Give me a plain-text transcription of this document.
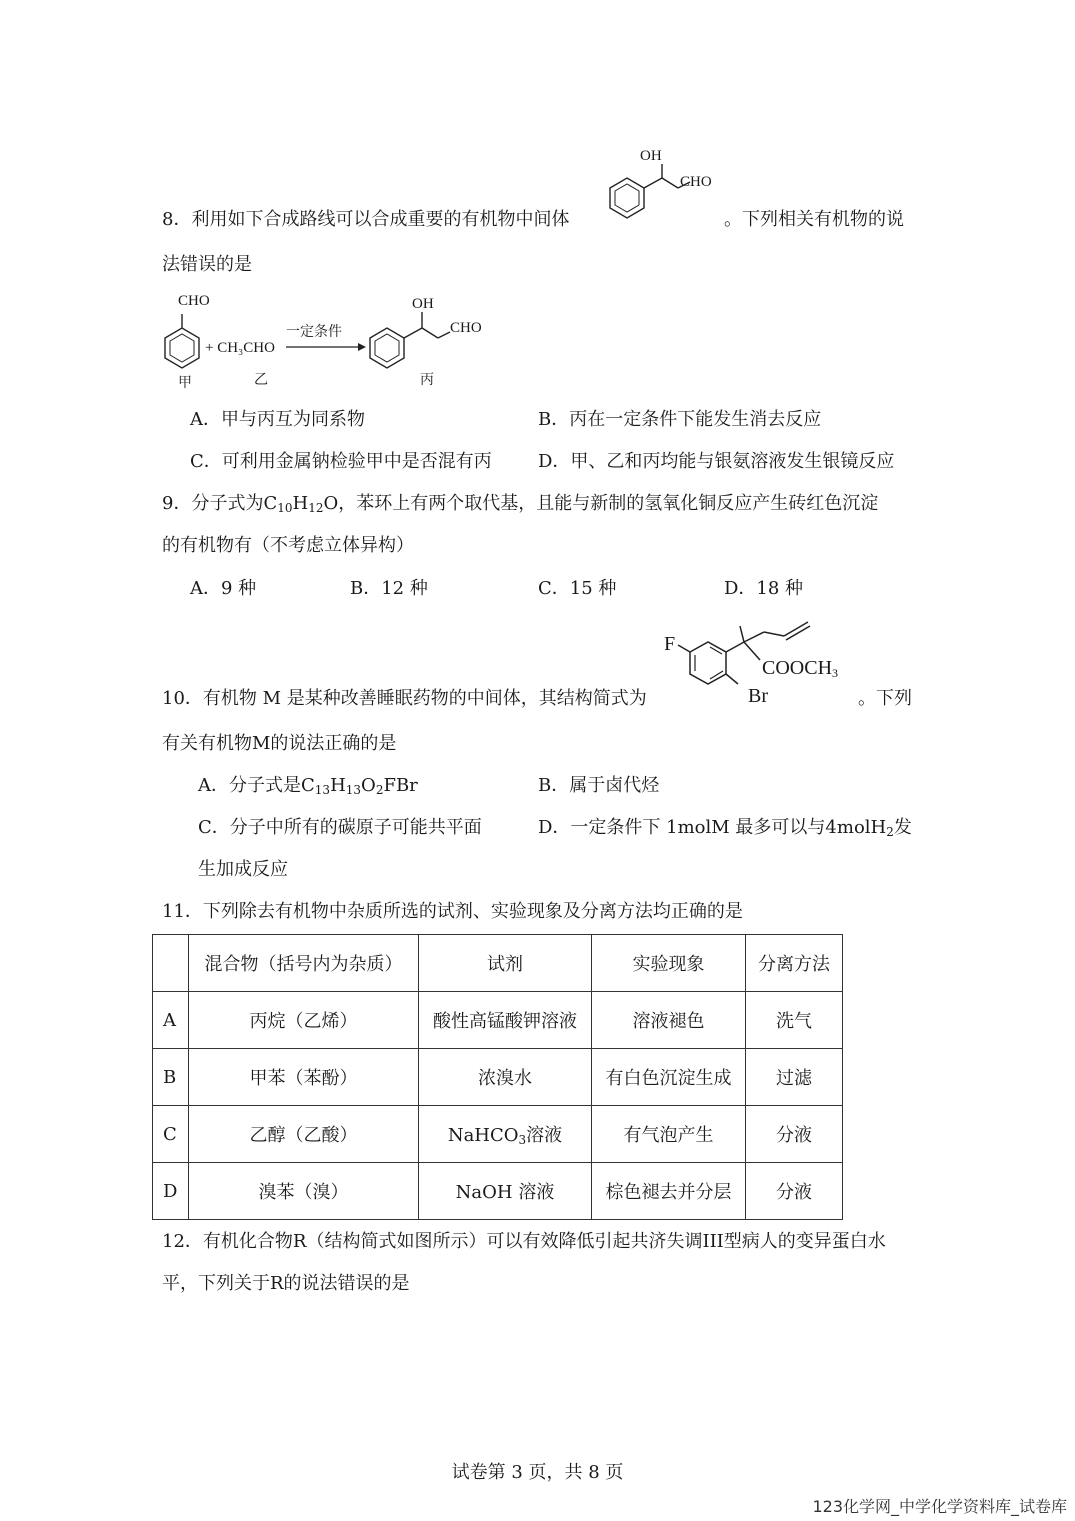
8．利用如下合成路线可以合成重要的有机物中间体	。下列相关有机物的说
OH
CHO
法错误的是
CHO
+ CH₃CHO
一定条件
OH
CHO
甲	乙	丙
A．甲与丙互为同系物	B．丙在一定条件下能发生消去反应
C．可利用金属钠检验甲中是否混有丙	D．甲、乙和丙均能与银氨溶液发生银镜反应
9．分子式为$C_{10}H_{12}O$，苯环上有两个取代基，且能与新制的氢氧化铜反应产生砖红色沉淀
的有机物有（不考虑立体异构）
A．9 种	B．12 种	C．15 种	D．18 种
F
$COOCH_3$
Br
10．有机物 M 是某种改善睡眠药物的中间体，其结构简式为	。下列
有关有机物M的说法正确的是
A．分子式是$C_{13}H_{13}O_2FBr$	B．属于卤代烃
C．分子中所有的碳原子可能共平面	D．一定条件下 1molM 最多可以与4molH$_2$发
生加成反应
11．下列除去有机物中杂质所选的试剂、实验现象及分离方法均正确的是
	混合物（括号内为杂质）	试剂	实验现象	分离方法
A	丙烷（乙烯）	酸性高锰酸钾溶液	溶液褪色	洗气
B	甲苯（苯酚）	浓溴水	有白色沉淀生成	过滤
C	乙醇（乙酸）	NaHCO$_3$溶液	有气泡产生	分液
D	溴苯（溴）	NaOH 溶液	棕色褪去并分层	分液
12．有机化合物R（结构简式如图所示）可以有效降低引起共济失调III型病人的变异蛋白水
平，下列关于R的说法错误的是
试卷第 3 页，共 8 页
123化学网_中学化学资料库_试卷库
